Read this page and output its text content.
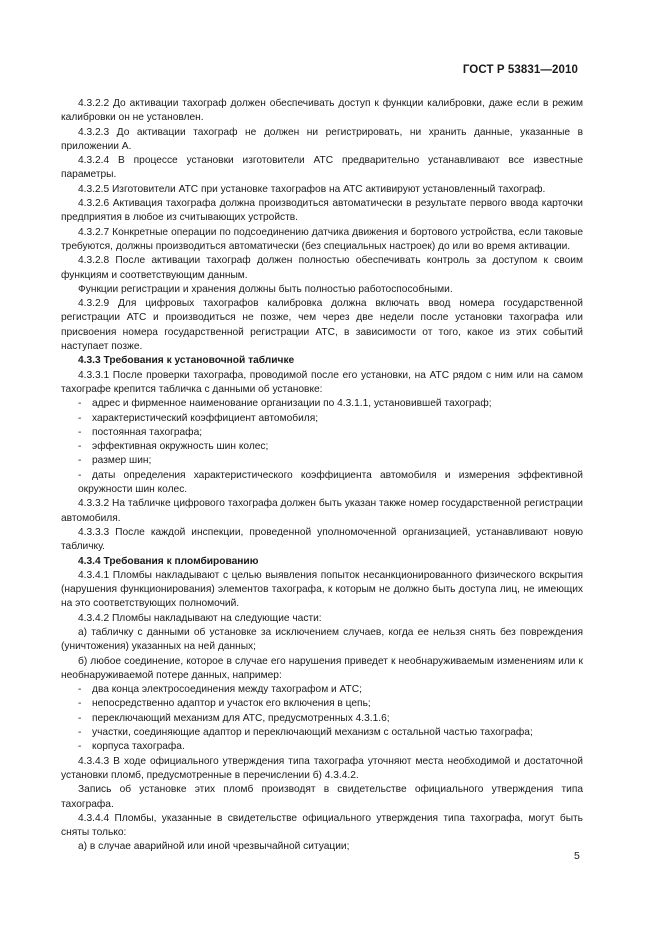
ГОСТ Р 53831—2010

4.3.2.2 До активации тахограф должен обеспечивать доступ к функции калибровки, даже если в режим калибровки он не установлен.

4.3.2.3 До активации тахограф не должен ни регистрировать, ни хранить данные, указанные в приложении А.

4.3.2.4 В процессе установки изготовители АТС предварительно устанавливают все известные параметры.

4.3.2.5 Изготовители АТС при установке тахографов на АТС активируют установленный тахограф.

4.3.2.6 Активация тахографа должна производиться автоматически в результате первого ввода карточки предприятия в любое из считывающих устройств.

4.3.2.7 Конкретные операции по подсоединению датчика движения и бортового устройства, если таковые требуются, должны производиться автоматически (без специальных настроек) до или во время активации.

4.3.2.8 После активации тахограф должен полностью обеспечивать контроль за доступом к своим функциям и соответствующим данным.

Функции регистрации и хранения должны быть полностью работоспособными.

4.3.2.9 Для цифровых тахографов калибровка должна включать ввод номера государственной регистрации АТС и производиться не позже, чем через две недели после установки тахографа или присвоения номера государственной регистрации АТС, в зависимости от того, какое из этих событий наступает позже.

4.3.3 Требования к установочной табличке

4.3.3.1 После проверки тахографа, проводимой после его установки, на АТС рядом с ним или на самом тахографе крепится табличка с данными об установке:

- адрес и фирменное наименование организации по 4.3.1.1, установившей тахограф;

- характеристический коэффициент автомобиля;

- постоянная тахографа;

- эффективная окружность шин колес;

- размер шин;

- даты определения характеристического коэффициента автомобиля и измерения эффективной окружности шин колес.

4.3.3.2 На табличке цифрового тахографа должен быть указан также номер государственной регистрации автомобиля.

4.3.3.3 После каждой инспекции, проведенной уполномоченной организацией, устанавливают новую табличку.

4.3.4 Требования к пломбированию

4.3.4.1 Пломбы накладывают с целью выявления попыток несанкционированного физического вскрытия (нарушения функционирования) элементов тахографа, к которым не должно быть доступа лиц, не имеющих на это соответствующих полномочий.

4.3.4.2 Пломбы накладывают на следующие части:

а) табличку с данными об установке за исключением случаев, когда ее нельзя снять без повреждения (уничтожения) указанных на ней данных;

б) любое соединение, которое в случае его нарушения приведет к необнаруживаемым изменениям или к необнаруживаемой потере данных, например:

- два конца электросоединения между тахографом и АТС;

- непосредственно адаптор и участок его включения в цепь;

- переключающий механизм для АТС, предусмотренных 4.3.1.6;

- участки, соединяющие адаптор и переключающий механизм с остальной частью тахографа;

- корпуса тахографа.

4.3.4.3 В ходе официального утверждения типа тахографа уточняют места необходимой и достаточной установки пломб, предусмотренные в перечислении б) 4.3.4.2.

Запись об установке этих пломб производят в свидетельстве официального утверждения типа тахографа.

4.3.4.4 Пломбы, указанные в свидетельстве официального утверждения типа тахографа, могут быть сняты только:

а) в случае аварийной или иной чрезвычайной ситуации;

5
